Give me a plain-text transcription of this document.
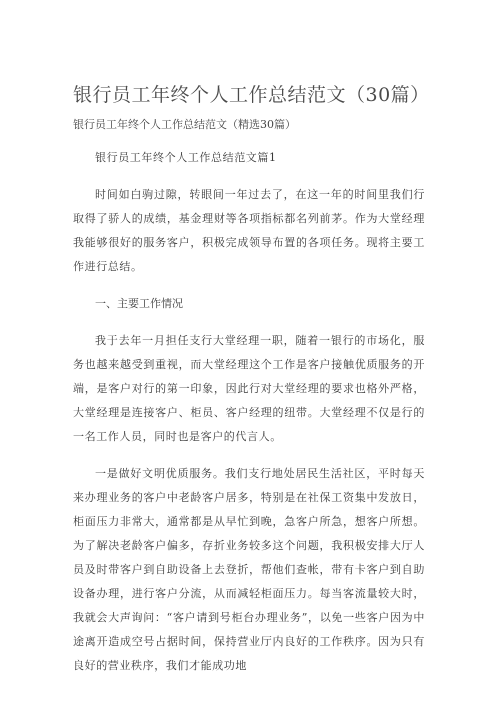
银行员工年终个人工作总结范文（30篇）
银行员工年终个人工作总结范文（精选30篇）

银行员工年终个人工作总结范文篇1

时间如白驹过隙，转眼间一年过去了，在这一年的时间里我们行取得了骄人的成绩，基金理财等各项指标都名列前茅。作为大堂经理我能够很好的服务客户，积极完成领导布置的各项任务。现将主要工作进行总结。

一、主要工作情况

我于去年一月担任支行大堂经理一职，随着一银行的市场化，服务也越来越受到重视，而大堂经理这个工作是客户接触优质服务的开端，是客户对行的第一印象，因此行对大堂经理的要求也格外严格，大堂经理是连接客户、柜员、客户经理的纽带。大堂经理不仅是行的一名工作人员，同时也是客户的代言人。

一是做好文明优质服务。我们支行地处居民生活社区，平时每天来办理业务的客户中老龄客户居多，特别是在社保工资集中发放日，柜面压力非常大，通常都是从早忙到晚，急客户所急，想客户所想。为了解决老龄客户偏多，存折业务较多这个问题，我积极安排大厅人员及时带客户到自助设备上去登折，帮他们查帐，带有卡客户到自助设备办理，进行客户分流，从而减轻柜面压力。每当客流量较大时，我就会大声询问：“客户请到号柜台办理业务”，以免一些客户因为中途离开造成空号占据时间，保持营业厅内良好的工作秩序。因为只有良好的营业秩序，我们才能成功地
